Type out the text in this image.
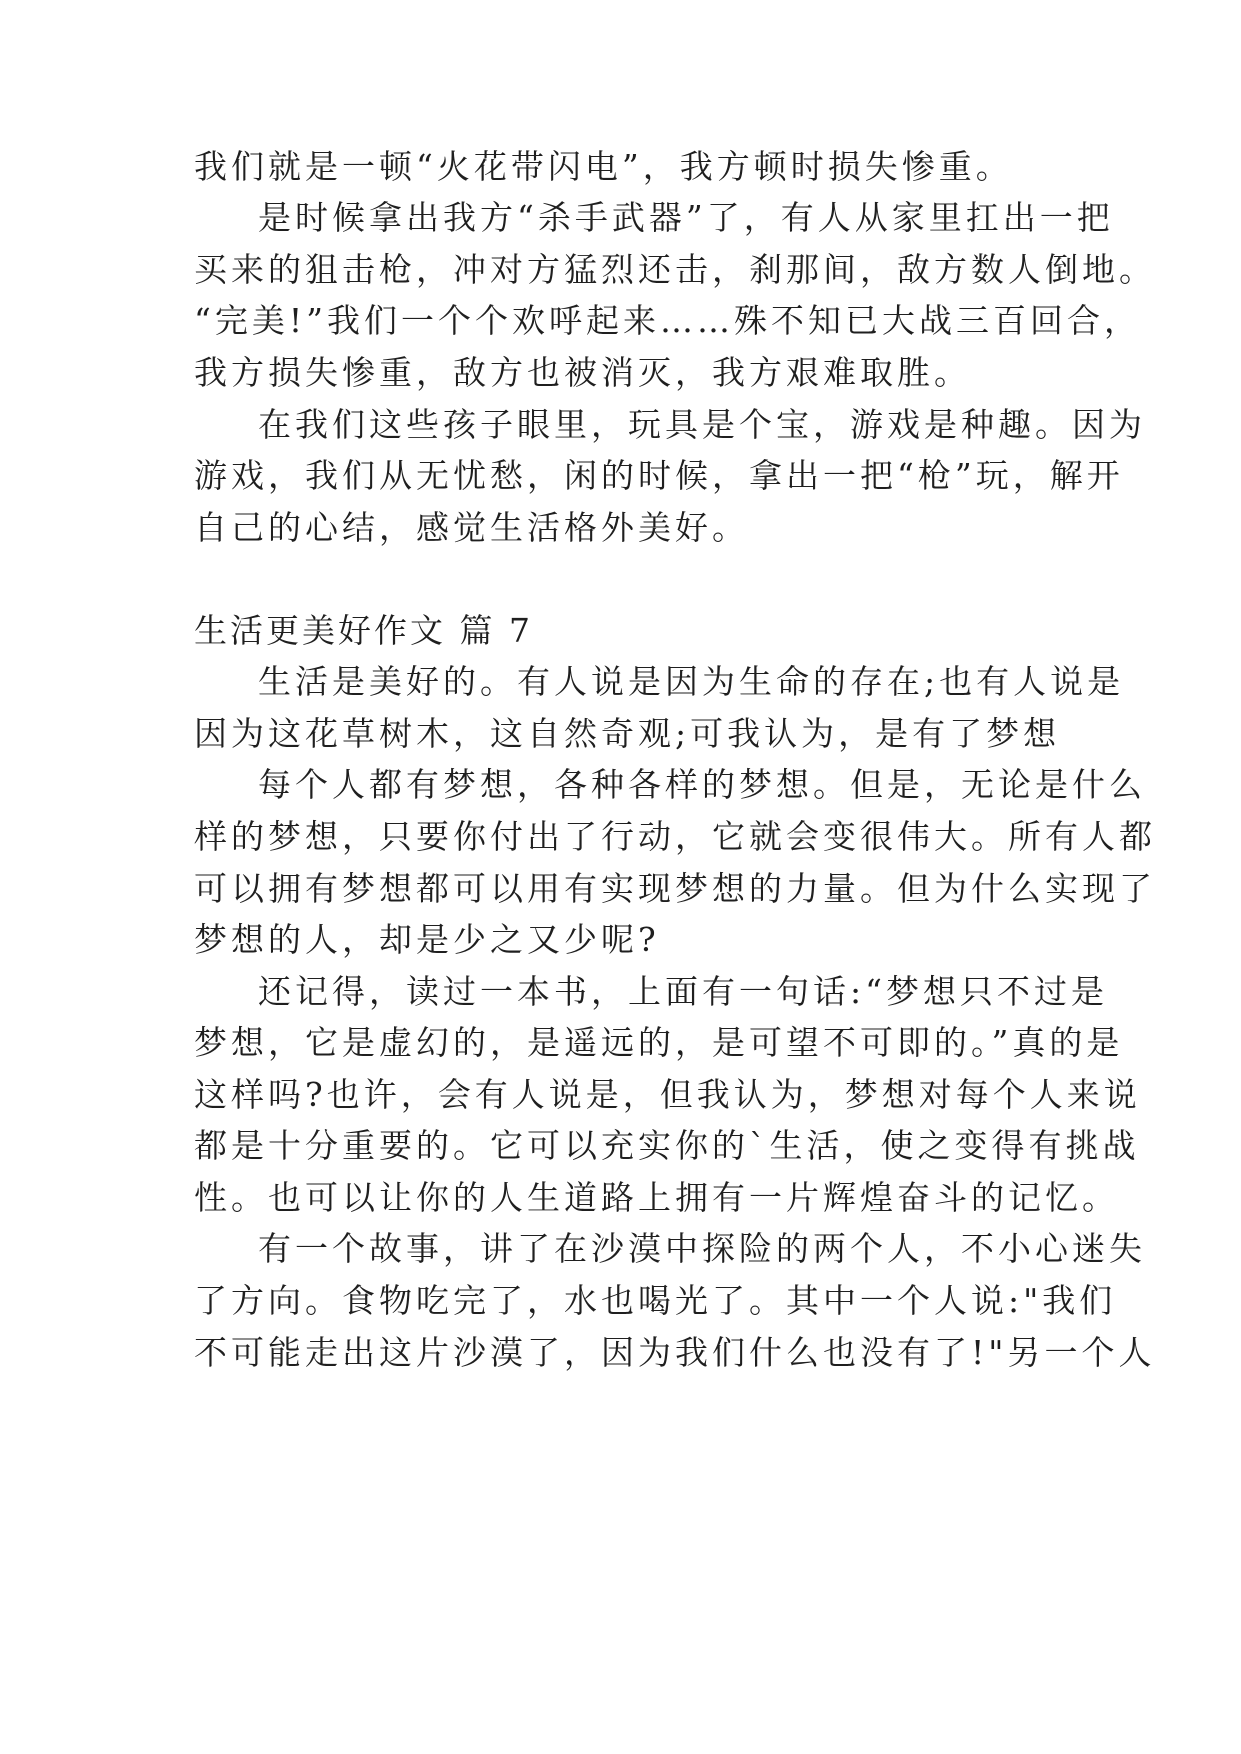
我们就是一顿“火花带闪电”，我方顿时损失惨重。
是时候拿出我方“杀手武器”了，有人从家里扛出一把
买来的狙击枪，冲对方猛烈还击，刹那间，敌方数人倒地。
“完美!”我们一个个欢呼起来……殊不知已大战三百回合，
我方损失惨重，敌方也被消灭，我方艰难取胜。
在我们这些孩子眼里，玩具是个宝，游戏是种趣。因为
游戏，我们从无忧愁，闲的时候，拿出一把“枪”玩，解开
自己的心结，感觉生活格外美好。
生活更美好作文 篇 7
生活是美好的。有人说是因为生命的存在;也有人说是
因为这花草树木，这自然奇观;可我认为，是有了梦想
每个人都有梦想，各种各样的梦想。但是，无论是什么
样的梦想，只要你付出了行动，它就会变很伟大。所有人都
可以拥有梦想都可以用有实现梦想的力量。但为什么实现了
梦想的人，却是少之又少呢?
还记得，读过一本书，上面有一句话:“梦想只不过是
梦想，它是虚幻的，是遥远的，是可望不可即的。”真的是
这样吗?也许，会有人说是，但我认为，梦想对每个人来说
都是十分重要的。它可以充实你的`生活，使之变得有挑战
性。也可以让你的人生道路上拥有一片辉煌奋斗的记忆。
有一个故事，讲了在沙漠中探险的两个人，不小心迷失
了方向。食物吃完了，水也喝光了。其中一个人说:"我们
不可能走出这片沙漠了，因为我们什么也没有了!"另一个人
